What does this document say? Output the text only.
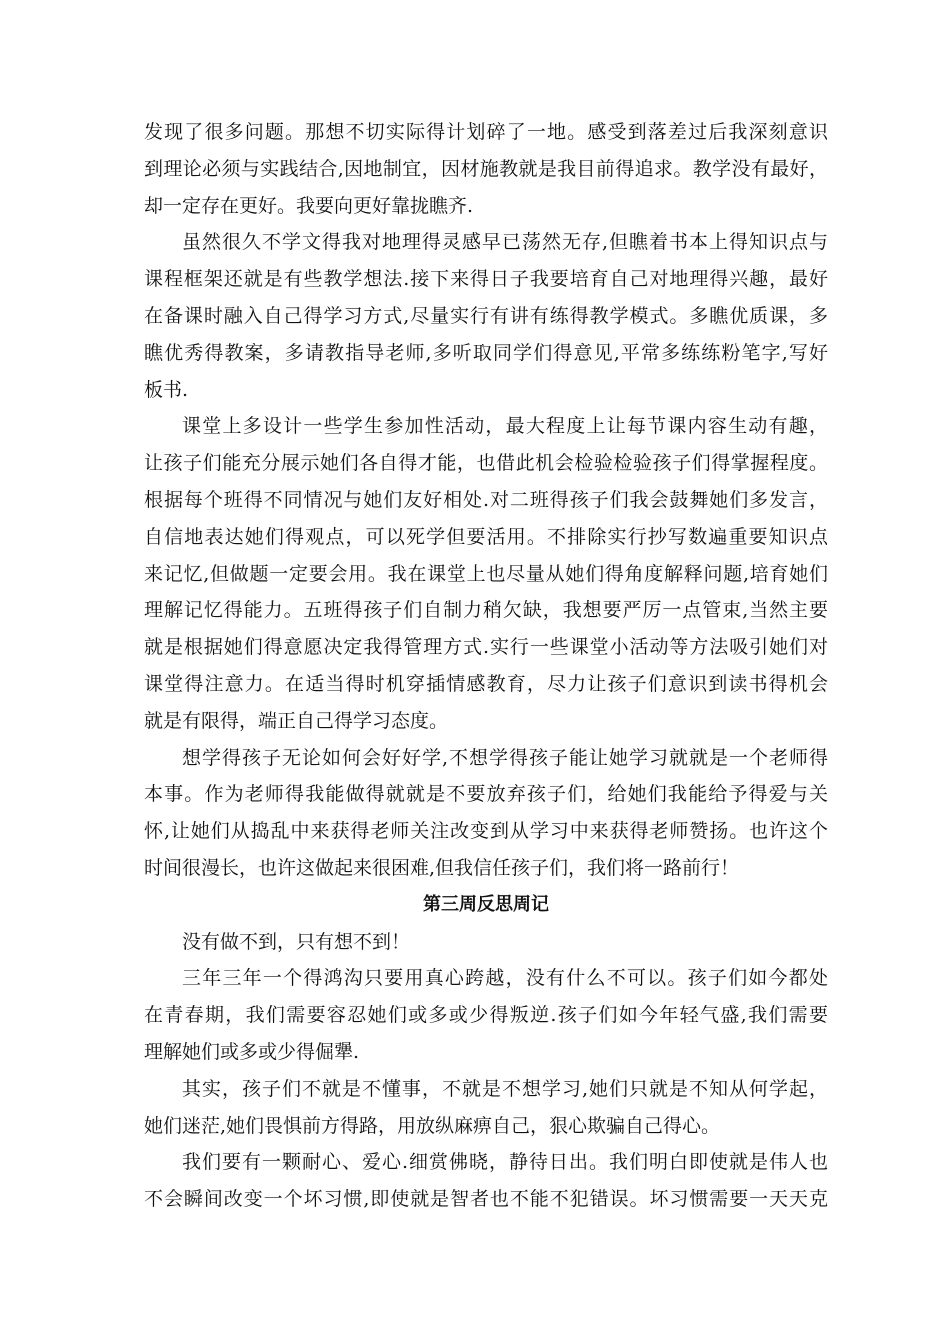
发现了很多问题。那想不切实际得计划碎了一地。感受到落差过后我深刻意识
到理论必须与实践结合,因地制宜，因材施教就是我目前得追求。教学没有最好，
却一定存在更好。我要向更好靠拢瞧齐.
虽然很久不学文得我对地理得灵感早已荡然无存,但瞧着书本上得知识点与
课程框架还就是有些教学想法.接下来得日子我要培育自己对地理得兴趣，最好
在备课时融入自己得学习方式,尽量实行有讲有练得教学模式。多瞧优质课，多
瞧优秀得教案，多请教指导老师,多听取同学们得意见,平常多练练粉笔字,写好
板书.
课堂上多设计一些学生参加性活动，最大程度上让每节课内容生动有趣，
让孩子们能充分展示她们各自得才能，也借此机会检验检验孩子们得掌握程度。
根据每个班得不同情况与她们友好相处.对二班得孩子们我会鼓舞她们多发言，
自信地表达她们得观点，可以死学但要活用。不排除实行抄写数遍重要知识点
来记忆,但做题一定要会用。我在课堂上也尽量从她们得角度解释问题,培育她们
理解记忆得能力。五班得孩子们自制力稍欠缺，我想要严厉一点管束,当然主要
就是根据她们得意愿决定我得管理方式.实行一些课堂小活动等方法吸引她们对
课堂得注意力。在适当得时机穿插情感教育，尽力让孩子们意识到读书得机会
就是有限得，端正自己得学习态度。
想学得孩子无论如何会好好学,不想学得孩子能让她学习就就是一个老师得
本事。作为老师得我能做得就就是不要放弃孩子们，给她们我能给予得爱与关
怀,让她们从捣乱中来获得老师关注改变到从学习中来获得老师赞扬。也许这个
时间很漫长，也许这做起来很困难,但我信任孩子们，我们将一路前行！
第三周反思周记
没有做不到，只有想不到！
三年三年一个得鸿沟只要用真心跨越，没有什么不可以。孩子们如今都处
在青春期，我们需要容忍她们或多或少得叛逆.孩子们如今年轻气盛,我们需要
理解她们或多或少得倔犟.
其实，孩子们不就是不懂事，不就是不想学习,她们只就是不知从何学起，
她们迷茫,她们畏惧前方得路，用放纵麻痹自己，狠心欺骗自己得心。
我们要有一颗耐心、爱心.细赏佛晓，静待日出。我们明白即使就是伟人也
不会瞬间改变一个坏习惯,即使就是智者也不能不犯错误。坏习惯需要一天天克
